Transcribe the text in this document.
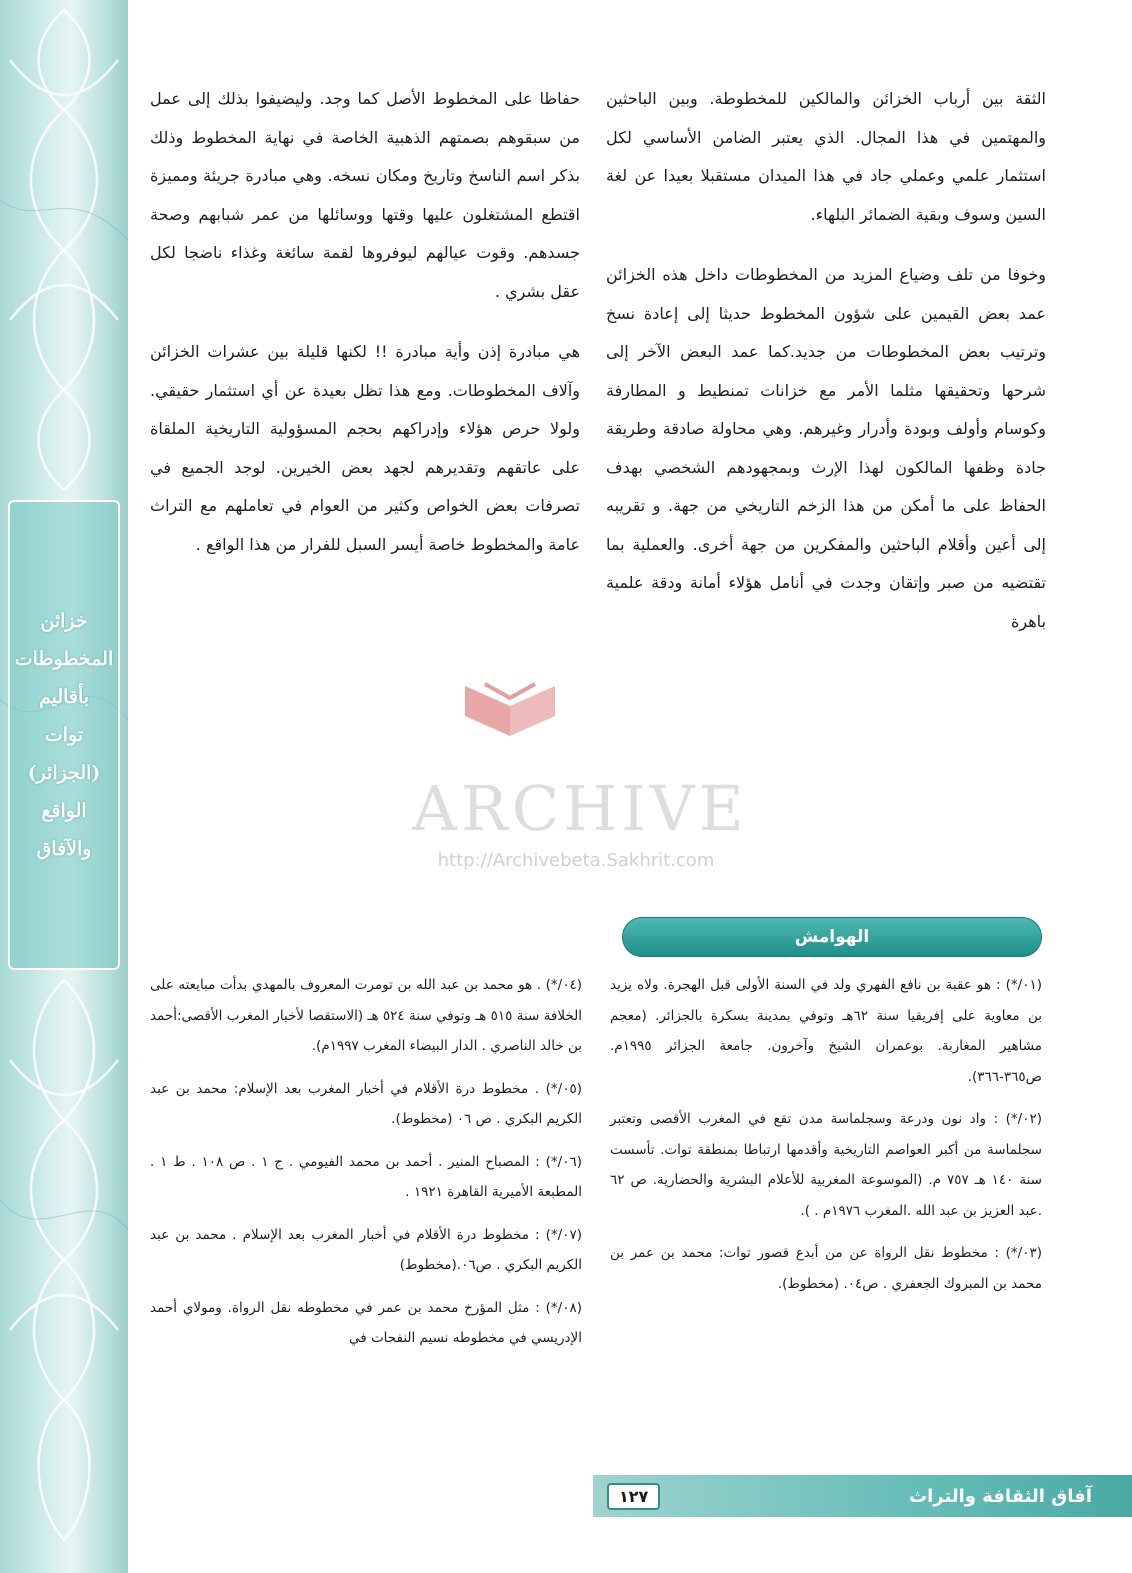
خزائن
المخطوطات
بأقاليم
توات
(الجزائر)
الواقع
والآفاق

الثقة بين أرباب الخزائن والمالكين للمخطوطة. وبين الباحثين والمهتمين في هذا المجال. الذي يعتبر الضامن الأساسي لكل استثمار علمي وعملي جاد في هذا الميدان مستقبلا بعيدا عن لغة السين وسوف وبقية الضمائر البلهاء.

وخوفا من تلف وضياع المزيد من المخطوطات داخل هذه الخزائن عمد بعض القيمين على شؤون المخطوط حديثا إلى إعادة نسخ وترتيب بعض المخطوطات من جديد.كما عمد البعض الآخر إلى شرحها وتحقيقها مثلما الأمر مع خزانات تمنطيط و المطارفة وكوسام وأولف وبودة وأدرار وغيرهم. وهي محاولة صادقة وطريقة جادة وظفها المالكون لهذا الإرث وبمجهودهم الشخصي بهدف الحفاظ على ما أمكن من هذا الزخم التاريخي من جهة. و تقريبه إلى أعين وأقلام الباحثين والمفكرين من جهة أخرى. والعملية بما تقتضيه من صبر وإتقان وجدت في أنامل هؤلاء أمانة ودقة علمية باهرة

حفاظا على المخطوط الأصل كما وجد. وليضيفوا بذلك إلى عمل من سبقوهم بصمتهم الذهبية الخاصة في نهاية المخطوط وذلك بذكر اسم الناسخ وتاريخ ومكان نسخه. وهي مبادرة جريئة ومميزة اقتطع المشتغلون عليها وقتها ووسائلها من عمر شبابهم وصحة جسدهم. وقوت عيالهم ليوفروها لقمة سائغة وغذاء ناضجا لكل عقل بشري .

هي مبادرة إذن وأية مبادرة !! لكنها قليلة بين عشرات الخزائن وآلاف المخطوطات. ومع هذا تظل بعيدة عن أي استثمار حقيقي. ولولا حرص هؤلاء وإدراكهم بحجم المسؤولية التاريخية الملقاة على عاتقهم وتقديرهم لجهد بعض الخيرين. لوجد الجميع في تصرفات بعض الخواص وكثير من العوام في تعاملهم مع التراث عامة والمخطوط خاصة أيسر السبل للفرار من هذا الواقع .

ARCHIVE
http://Archivebeta.Sakhrit.com
الهوامش
(٠١/*) : هو عقبة بن نافع الفهري ولد في السنة الأولى قبل الهجرة. ولاه يزيد بن معاوية على إفريقيا سنة ٦٢هـ وتوفي بمدينة بسكرة بالجزائر. (معجم مشاهير المغاربة. بوعمران الشيخ وآخرون. جامعة الجزائر ١٩٩٥م. ص٣٦٥-٣٦٦).
(٠٢/*) : واد نون ودرعة وسجلماسة مدن تقع في المغرب الأقصى وتعتبر سجلماسة من أكبر العواصم التاريخية وأقدمها ارتباطا بمنطقة توات. تأسست سنة ١٤٠ هـ ٧٥٧ م. (الموسوعة المغربية للأعلام البشرية والحضارية. ص ٦٢ .عبد العزيز بن عبد الله .المغرب ١٩٧٦م . ).
(٠٣/*) : مخطوط نقل الرواة عن من أبدع قصور توات: محمد بن عمر بن محمد بن المبروك الجعفري . ص٠٤. (مخطوط).
(٠٤/*) . هو محمد بن عبد الله بن تومرت المعروف بالمهدي بدأت مبايعته على الخلافة سنة ٥١٥ هـ وتوفي سنة ٥٢٤ هـ (الاستقصا لأخبار المغرب الأقصى:أحمد بن خالد الناصري . الدار البيضاء المغرب ١٩٩٧م).
(٠٥/*) . مخطوط درة الأقلام في أخبار المغرب بعد الإسلام: محمد بن عبد الكريم البكري . ص ٠٦ (مخطوط).
(٠٦/*) : المصباح المنير . أحمد بن محمد الفيومي . ج ١ . ص ١٠٨ . ط ١ . المطبعة الأميرية القاهرة ١٩٢١ .
(٠٧/*) : مخطوط درة الأقلام في أخبار المغرب بعد الإسلام . محمد بن عبد الكريم البكري . ص٠٦.(مخطوط)
(٠٨/*) : مثل المؤرخ محمد بن عمر في مخطوطه نقل الرواة. ومولاي أحمد الإدريسي في مخطوطه نسيم النفحات في
آفاق الثقافة والتراث
١٢٧
